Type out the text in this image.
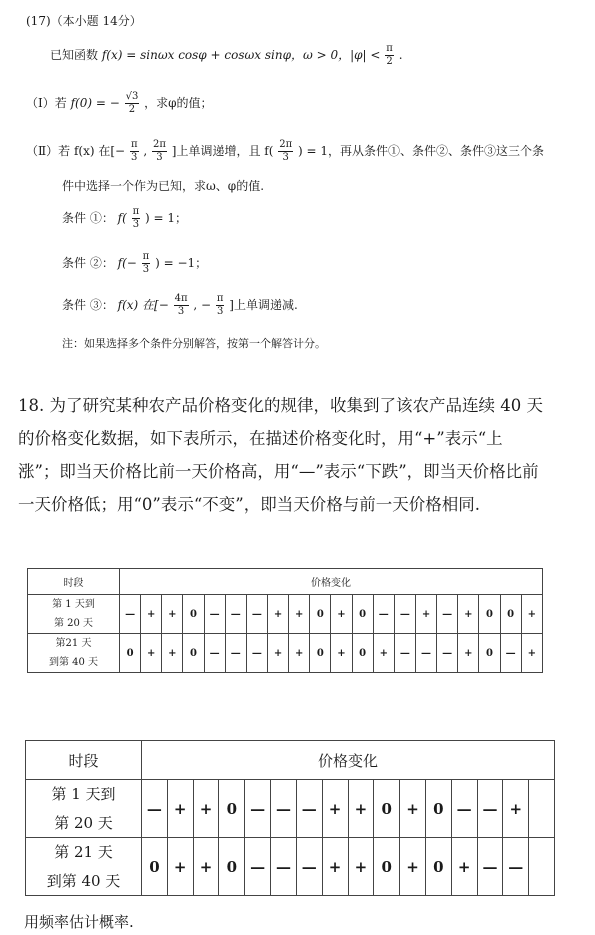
(17)（本小题 14分）
已知函数 f(x) = sinωx cosφ + cosωx sinφ，ω > 0，$|\varphi| < \frac{\pi}{2}$ .
（Ⅰ）若 f(0) = − $\frac{√3}{2}$ ，求φ的值；
（Ⅱ）若 f(x) 在[− $\frac{\pi}{3}$ , $\frac{2\pi}{3}$ ]上单调递增，且 $f( \frac{2\pi}{3}$ ) = 1，再从条件①、条件②、条件③这三个条
件中选择一个作为已知，求ω、φ的值.
条件 ①： $f( \frac{\pi}{3}$ ) = 1；
条件 ②： $f(- \frac{\pi}{3}$ ) = −1；
条件 ③： f(x) 在[− $\frac{4\pi}{3}$ , − $\frac{\pi}{3}$ ]上单调递减.
注：如果选择多个条件分别解答，按第一个解答计分。
18. 为了研究某种农产品价格变化的规律，收集到了该农产品连续 40 天
的价格变化数据，如下表所示，在描述价格变化时，用“+”表示“上
涨”；即当天价格比前一天价格高，用“—”表示“下跌”，即当天价格比前
一天价格低；用“0”表示“不变”，即当天价格与前一天价格相同.
时段	价格变化																			
第 1 天到
第 20 天	—	+	+	0	—	—	—	+	+	0	+	0	—	—	+	—	+	0	0	+
第21 天
到第 40 天	0	+	+	0	—	—	—	+	+	0	+	0	+	—	—	—	+	0	—	+
时段	价格变化															
第 1 天到
第 20 天	—	+	+	0	—	—	—	+	+	0	+	0	—	—	+	
第 21 天
到第 40 天	0	+	+	0	—	—	—	+	+	0	+	0	+	—	—	
用频率估计概率.
